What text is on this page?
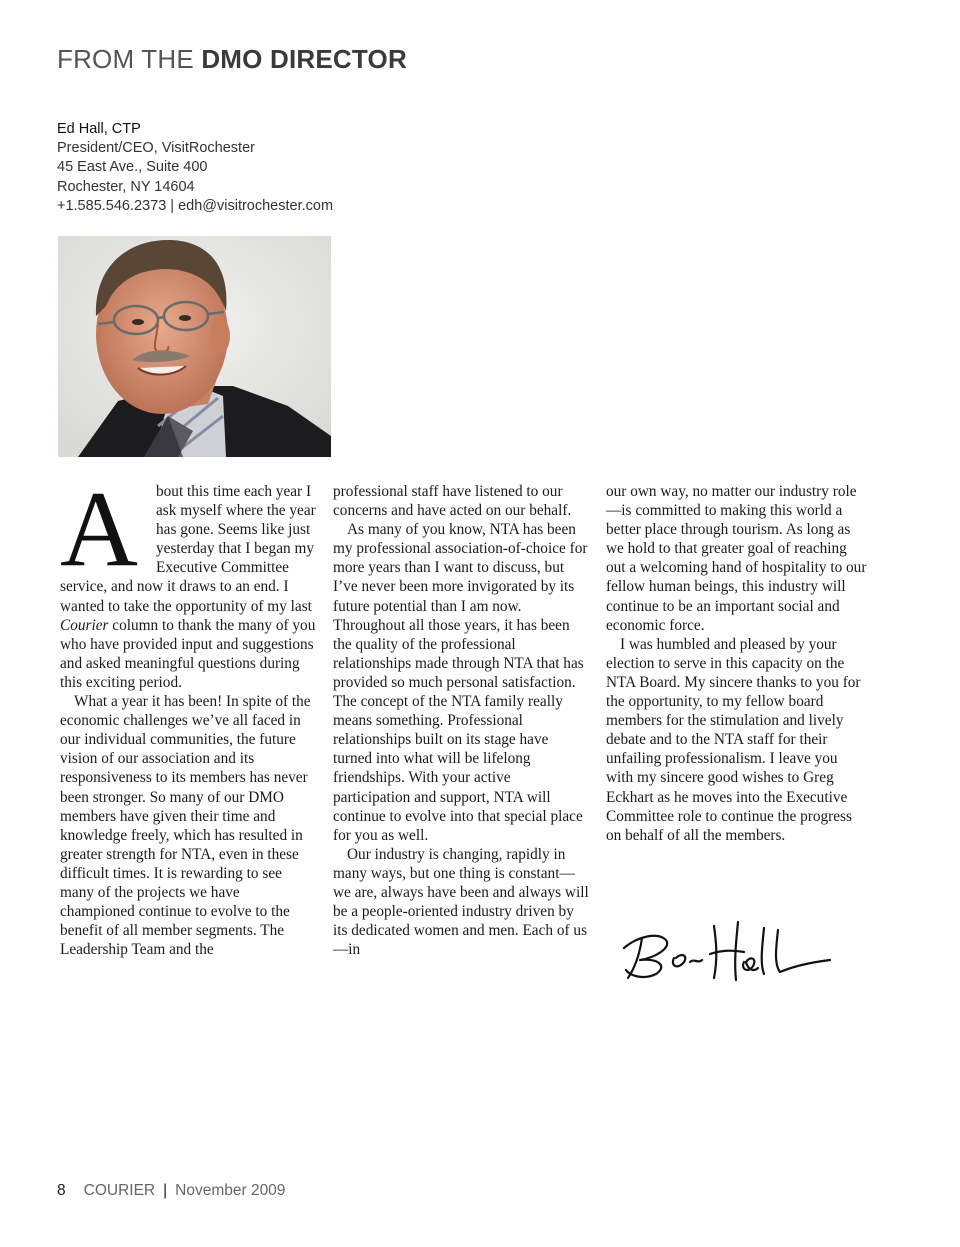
FROM THE DMO DIRECTOR
Ed Hall, CTP
President/CEO, VisitRochester
45 East Ave., Suite 400
Rochester, NY 14604
+1.585.546.2373 | edh@visitrochester.com

A	bout this time each year I ask myself where the year has gone. Seems like just yesterday that I began my Executive Committee service, and now it draws to an end. I wanted to take the opportunity of my last Courier column to thank the many of you who have provided input and suggestions and asked meaningful questions during this exciting period.

What a year it has been! In spite of the economic challenges we’ve all faced in our individual communities, the future vision of our association and its responsiveness to its members has never been stronger. So many of our DMO members have given their time and knowledge freely, which has resulted in greater strength for NTA, even in these difficult times. It is rewarding to see many of the projects we have championed continue to evolve to the benefit of all member segments. The Leadership Team and the

professional staff have listened to our concerns and have acted on our behalf.

As many of you know, NTA has been my professional association-of-choice for more years than I want to discuss, but I’ve never been more invigorated by its future potential than I am now. Throughout all those years, it has been the quality of the professional relationships made through NTA that has provided so much personal satisfaction. The concept of the NTA family really means something. Professional relationships built on its stage have turned into what will be lifelong friendships. With your active participation and support, NTA will continue to evolve into that special place for you as well.

Our industry is changing, rapidly in many ways, but one thing is constant—we are, always have been and always will be a people-oriented industry driven by its dedicated women and men. Each of us—in

our own way, no matter our industry role—is committed to making this world a better place through tourism. As long as we hold to that greater goal of reaching out a welcoming hand of hospitality to our fellow human beings, this industry will continue to be an important social and economic force.

I was humbled and pleased by your election to serve in this capacity on the NTA Board. My sincere thanks to you for the opportunity, to my fellow board members for the stimulation and lively debate and to the NTA staff for their unfailing professionalism. I leave you with my sincere good wishes to Greg Eckhart as he moves into the Executive Committee role to continue the progress on behalf of all the members.

8 COURIER | November 2009
